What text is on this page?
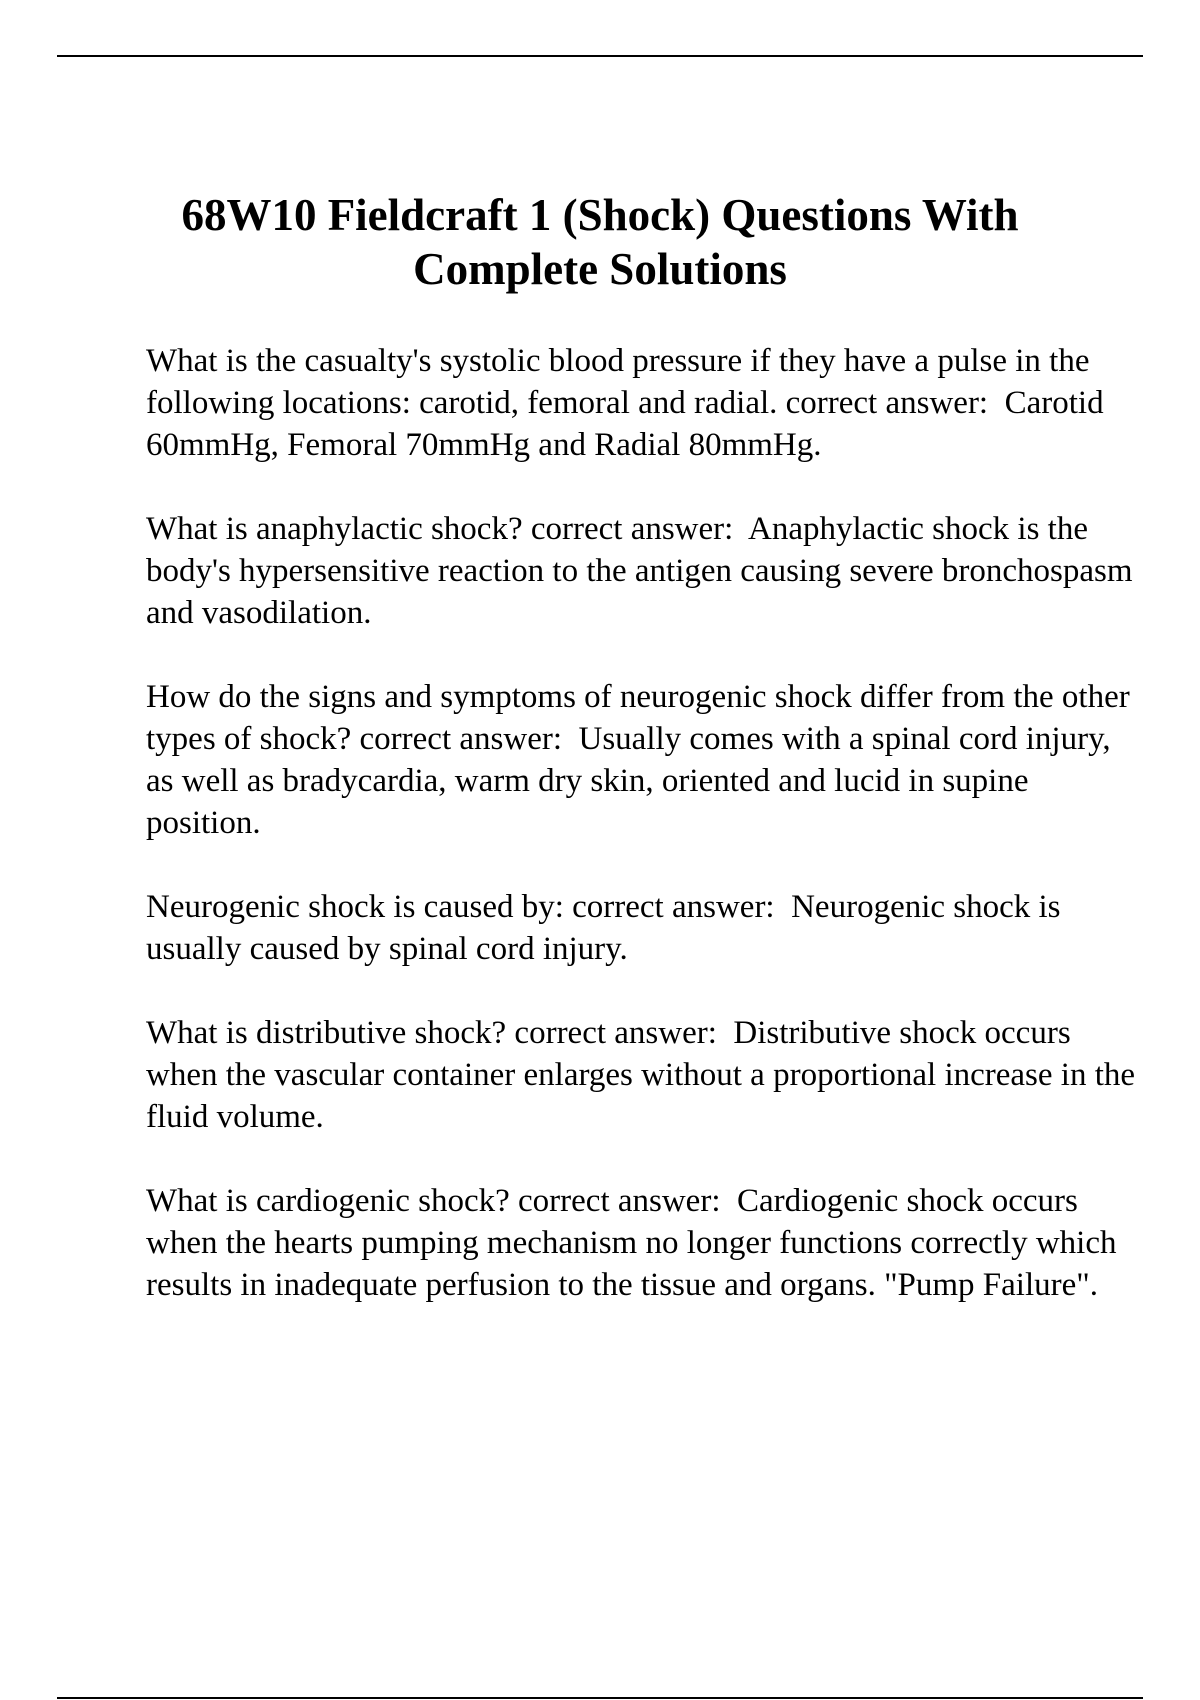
68W10 Fieldcraft 1 (Shock) Questions With Complete Solutions

What is the casualty's systolic blood pressure if they have a pulse in the following locations: carotid, femoral and radial. correct answer:  Carotid 60mmHg, Femoral 70mmHg and Radial 80mmHg.

What is anaphylactic shock? correct answer:  Anaphylactic shock is the body's hypersensitive reaction to the antigen causing severe bronchospasm and vasodilation.

How do the signs and symptoms of neurogenic shock differ from the other types of shock? correct answer:  Usually comes with a spinal cord injury, as well as bradycardia, warm dry skin, oriented and lucid in supine position.

Neurogenic shock is caused by: correct answer:  Neurogenic shock is usually caused by spinal cord injury.

What is distributive shock? correct answer:  Distributive shock occurs when the vascular container enlarges without a proportional increase in the fluid volume.

What is cardiogenic shock? correct answer:  Cardiogenic shock occurs when the hearts pumping mechanism no longer functions correctly which results in inadequate perfusion to the tissue and organs. "Pump Failure".
